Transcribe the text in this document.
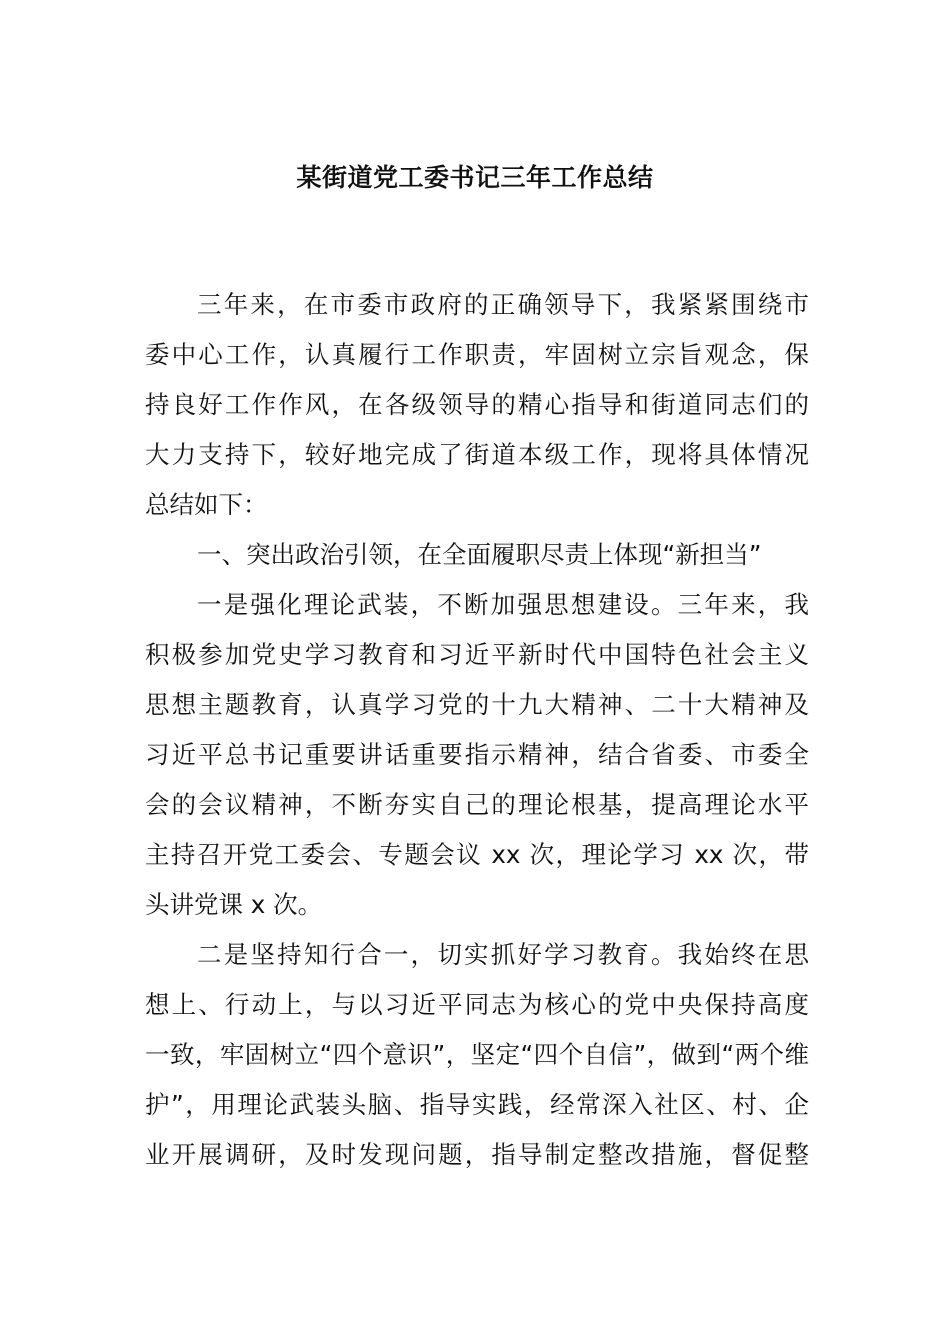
某街道党工委书记三年工作总结
三年来，在市委市政府的正确领导下，我紧紧围绕市
委中心工作，认真履行工作职责，牢固树立宗旨观念，保
持良好工作作风，在各级领导的精心指导和街道同志们的
大力支持下，较好地完成了街道本级工作，现将具体情况
总结如下：
一、突出政治引领，在全面履职尽责上体现“新担当”
一是强化理论武装，不断加强思想建设。三年来，我
积极参加党史学习教育和习近平新时代中国特色社会主义
思想主题教育，认真学习党的十九大精神、二十大精神及
习近平总书记重要讲话重要指示精神，结合省委、市委全
会的会议精神，不断夯实自己的理论根基，提高理论水平
主持召开党工委会、专题会议 xx 次，理论学习 xx 次，带
头讲党课 x 次。
二是坚持知行合一，切实抓好学习教育。我始终在思
想上、行动上，与以习近平同志为核心的党中央保持高度
一致，牢固树立“四个意识”，坚定“四个自信”，做到“两个维
护”，用理论武装头脑、指导实践，经常深入社区、村、企
业开展调研，及时发现问题，指导制定整改措施，督促整
